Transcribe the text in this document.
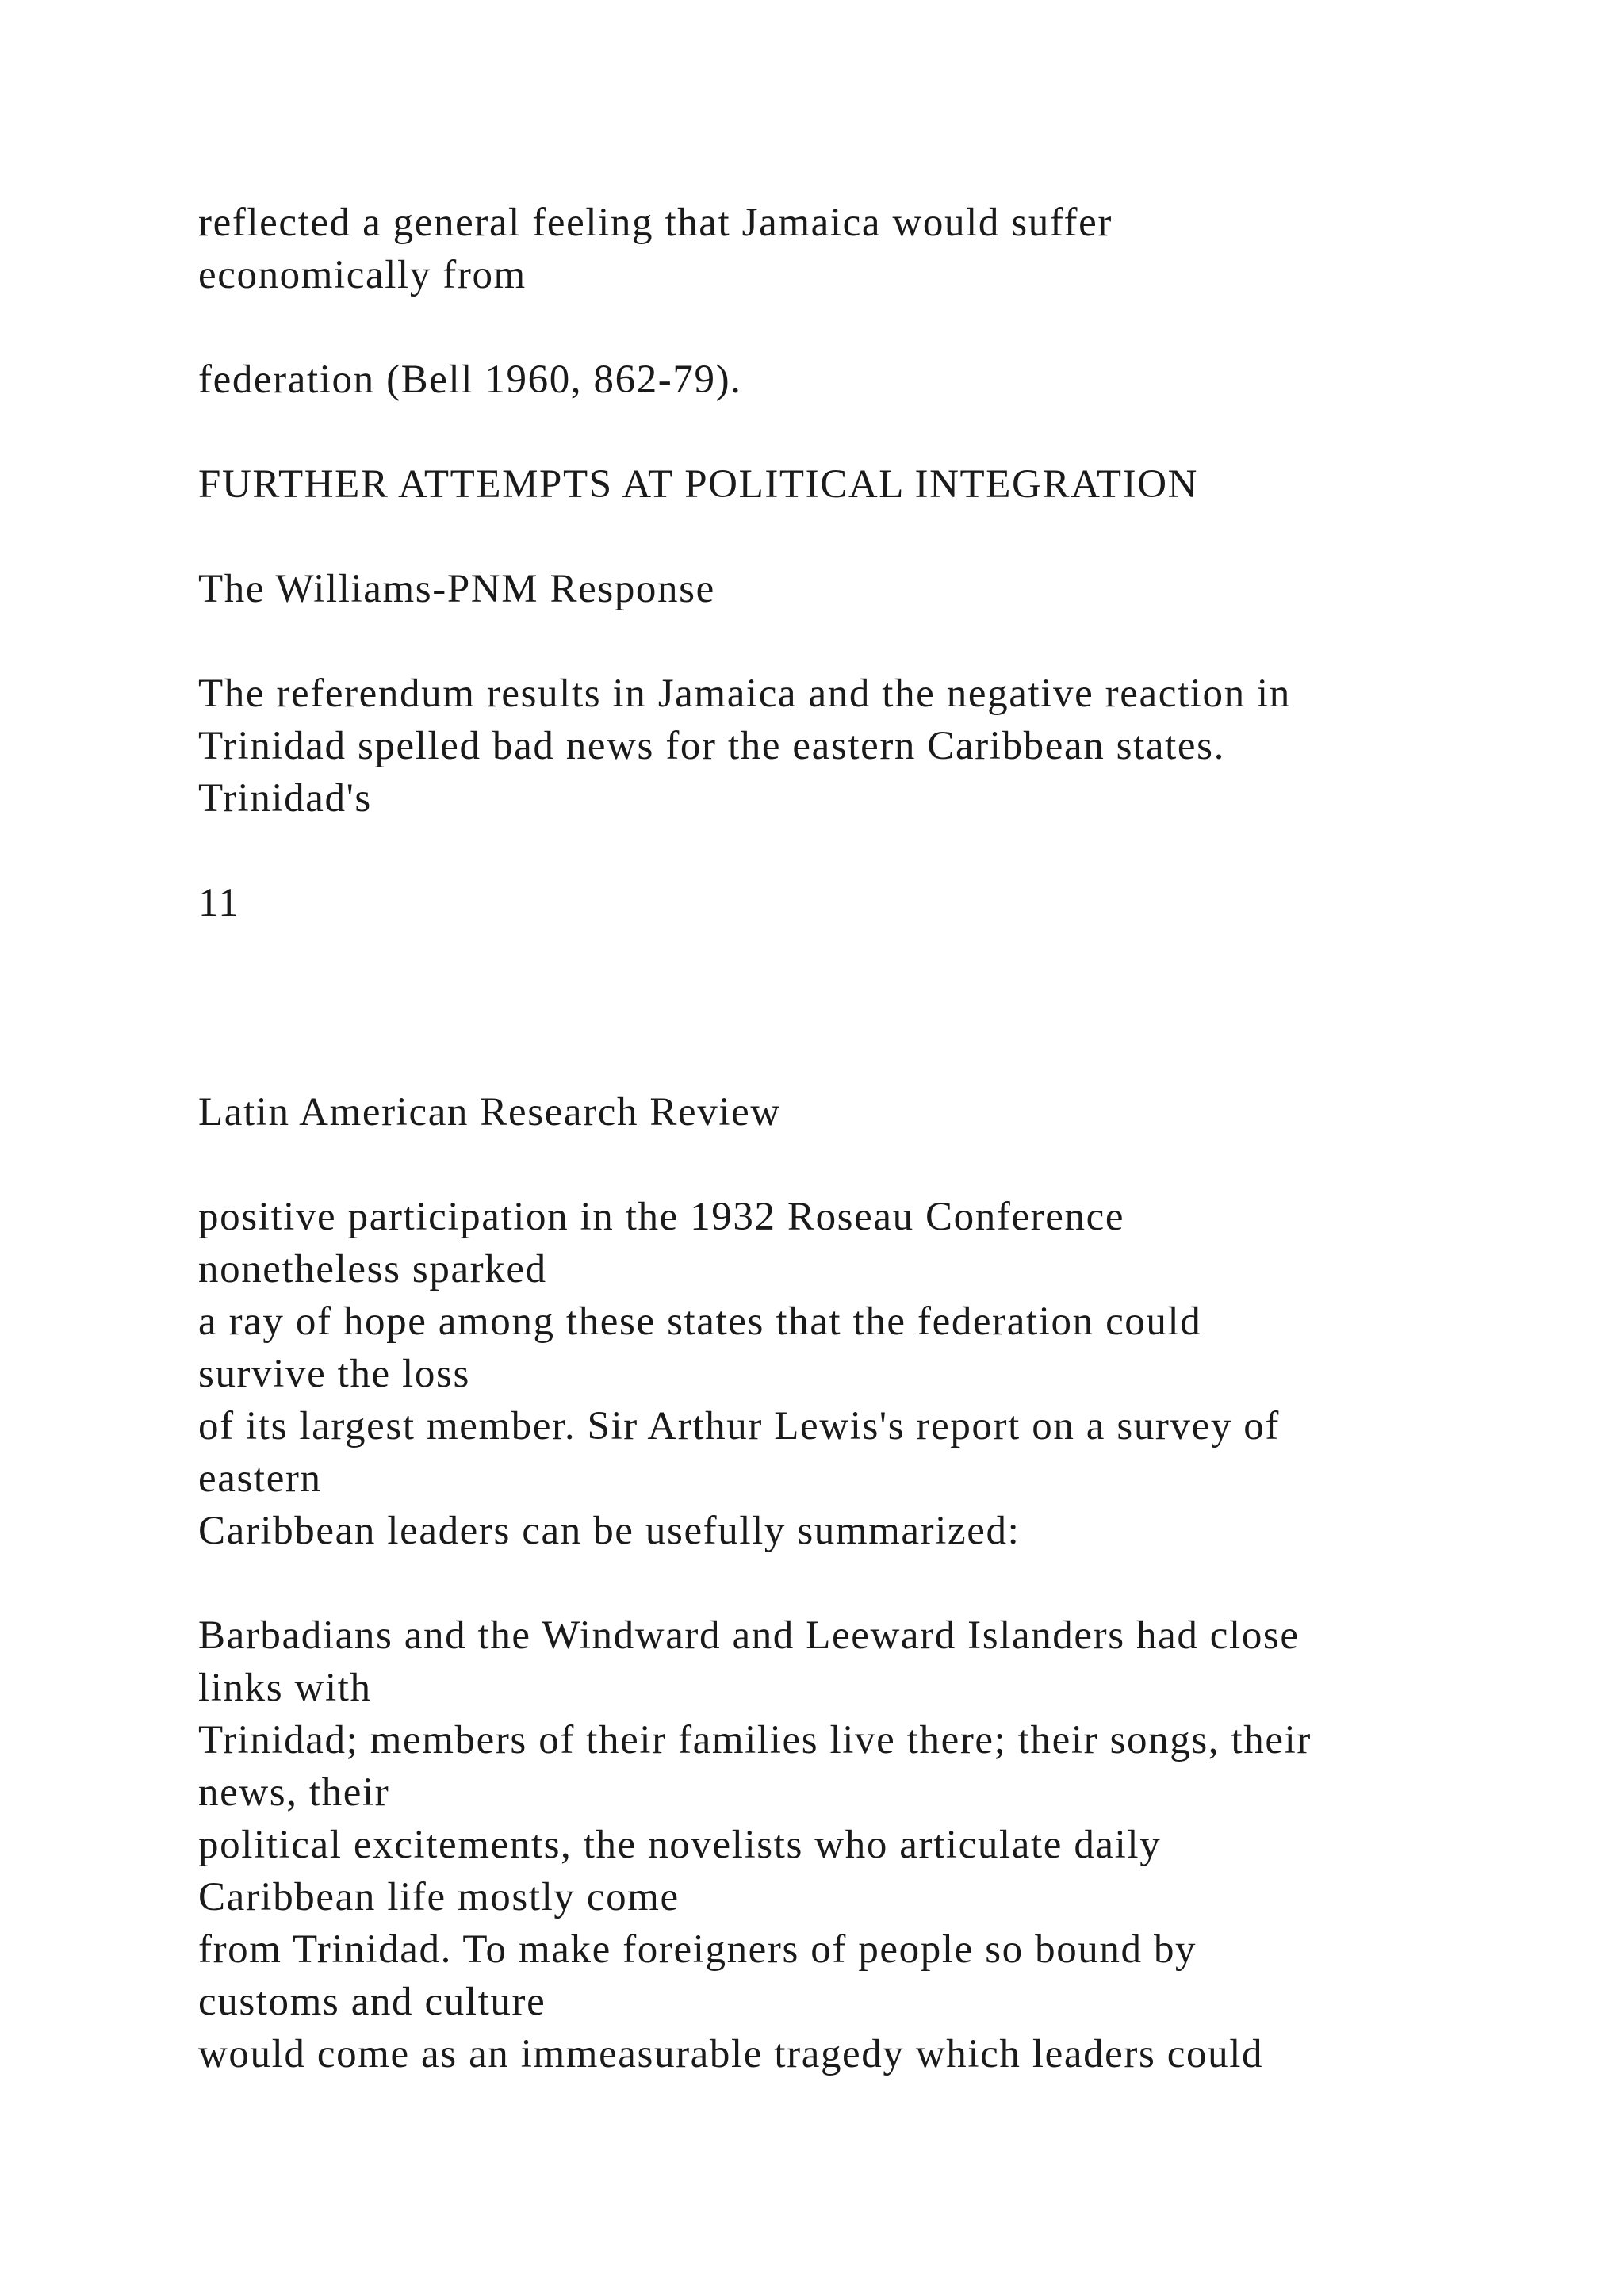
reflected a general feeling that Jamaica would suffer

economically from

federation (Bell 1960, 862-79).

FURTHER ATTEMPTS AT POLITICAL INTEGRATION
The Williams-PNM Response

The referendum results in Jamaica and the negative reaction in

Trinidad spelled bad news for the eastern Caribbean states.

Trinidad's

11
Latin American Research Review

positive participation in the 1932 Roseau Conference

nonetheless sparked

a ray of hope among these states that the federation could

survive the loss

of its largest member. Sir Arthur Lewis's report on a survey of

eastern

Caribbean leaders can be usefully summarized:

Barbadians and the Windward and Leeward Islanders had close

links with

Trinidad; members of their families live there; their songs, their

news, their

political excitements, the novelists who articulate daily

Caribbean life mostly come

from Trinidad. To make foreigners of people so bound by

customs and culture

would come as an immeasurable tragedy which leaders could
